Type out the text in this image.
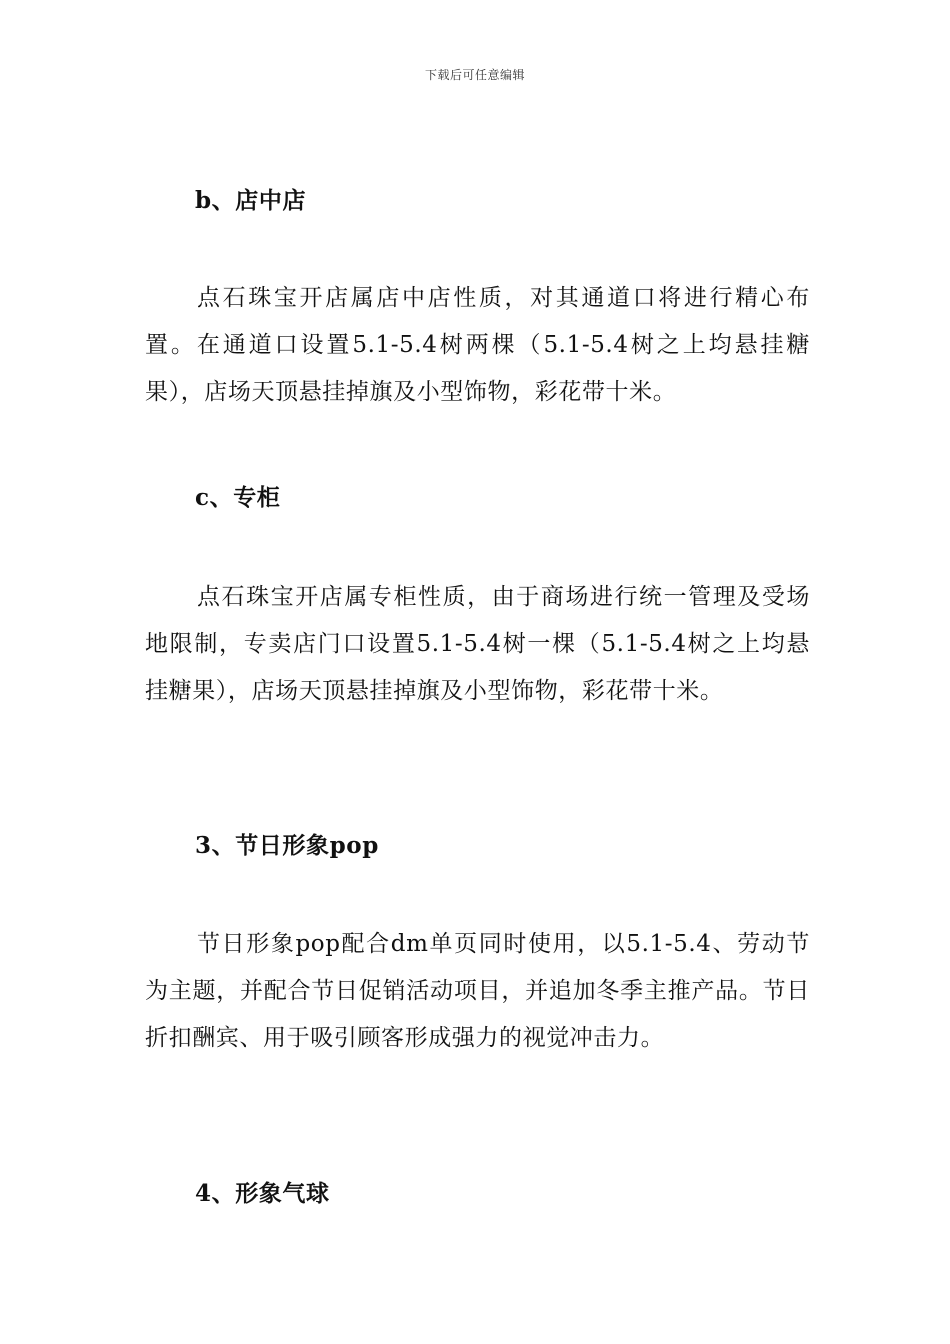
下载后可任意编辑
b、店中店

点石珠宝开店属店中店性质，对其通道口将进行精心布置。在通道口设置5.1-5.4树两棵（5.1-5.4树之上均悬挂糖果），店场天顶悬挂掉旗及小型饰物，彩花带十米。

c、专柜

点石珠宝开店属专柜性质，由于商场进行统一管理及受场地限制，专卖店门口设置5.1-5.4树一棵（5.1-5.4树之上均悬挂糖果），店场天顶悬挂掉旗及小型饰物，彩花带十米。

3、节日形象pop

节日形象pop配合dm单页同时使用，以5.1-5.4、劳动节为主题，并配合节日促销活动项目，并追加冬季主推产品。节日折扣酬宾、用于吸引顾客形成强力的视觉冲击力。

4、形象气球
